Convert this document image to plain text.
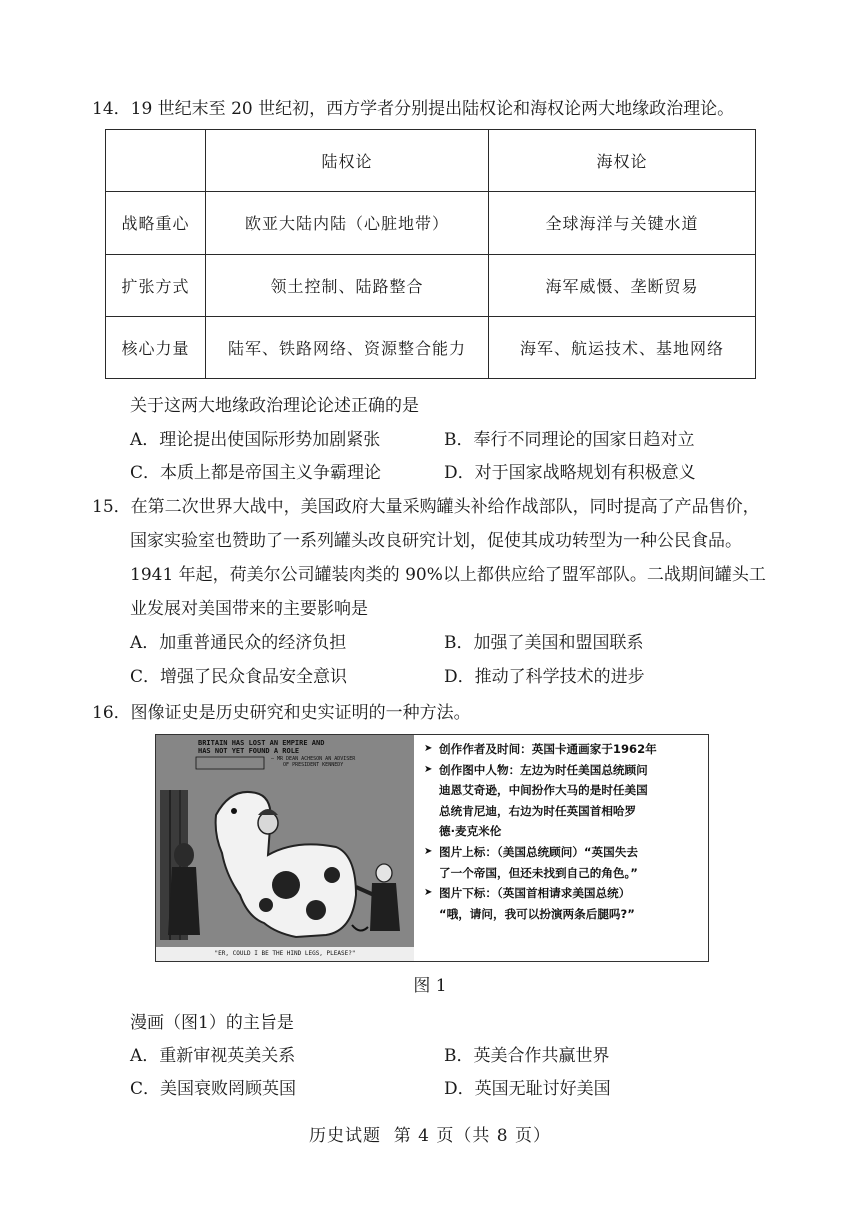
14．19 世纪末至 20 世纪初，西方学者分别提出陆权论和海权论两大地缘政治理论。
	陆权论	海权论
战略重心	欧亚大陆内陆（心脏地带）	全球海洋与关键水道
扩张方式	领土控制、陆路整合	海军威慑、垄断贸易
核心力量	陆军、铁路网络、资源整合能力	海军、航运技术、基地网络
关于这两大地缘政治理论论述正确的是
A．理论提出使国际形势加剧紧张	B．奉行不同理论的国家日趋对立
C．本质上都是帝国主义争霸理论	D．对于国家战略规划有积极意义
15．在第二次世界大战中，美国政府大量采购罐头补给作战部队，同时提高了产品售价，
国家实验室也赞助了一系列罐头改良研究计划，促使其成功转型为一种公民食品。
1941 年起，荷美尔公司罐装肉类的 90%以上都供应给了盟军部队。二战期间罐头工
业发展对美国带来的主要影响是
A．加重普通民众的经济负担	B．加强了美国和盟国联系
C．增强了民众食品安全意识	D．推动了科学技术的进步
16．图像证史是历史研究和史实证明的一种方法。
BRITAIN HAS LOST AN EMPIRE AND
HAS NOT YET FOUND A ROLE
— MR DEAN ACHESON AN ADVISER
OF PRESIDENT KENNEDY
"ER, COULD I BE THE HIND LEGS, PLEASE?"
➤ 创作作者及时间：英国卡通画家于1962年
➤ 创作图中人物：左边为时任美国总统顾问
迪恩艾奇逊，中间扮作大马的是时任美国
总统肯尼迪，右边为时任英国首相哈罗
德·麦克米伦
➤ 图片上标：（美国总统顾问）“英国失去
了一个帝国，但还未找到自己的角色。”
➤ 图片下标：（英国首相请求美国总统）
“哦，请问，我可以扮演两条后腿吗?”
图 1
漫画（图1）的主旨是
A．重新审视英美关系	B．英美合作共赢世界
C．美国衰败罔顾英国	D．英国无耻讨好美国
历史试题  第 4 页（共 8 页）
